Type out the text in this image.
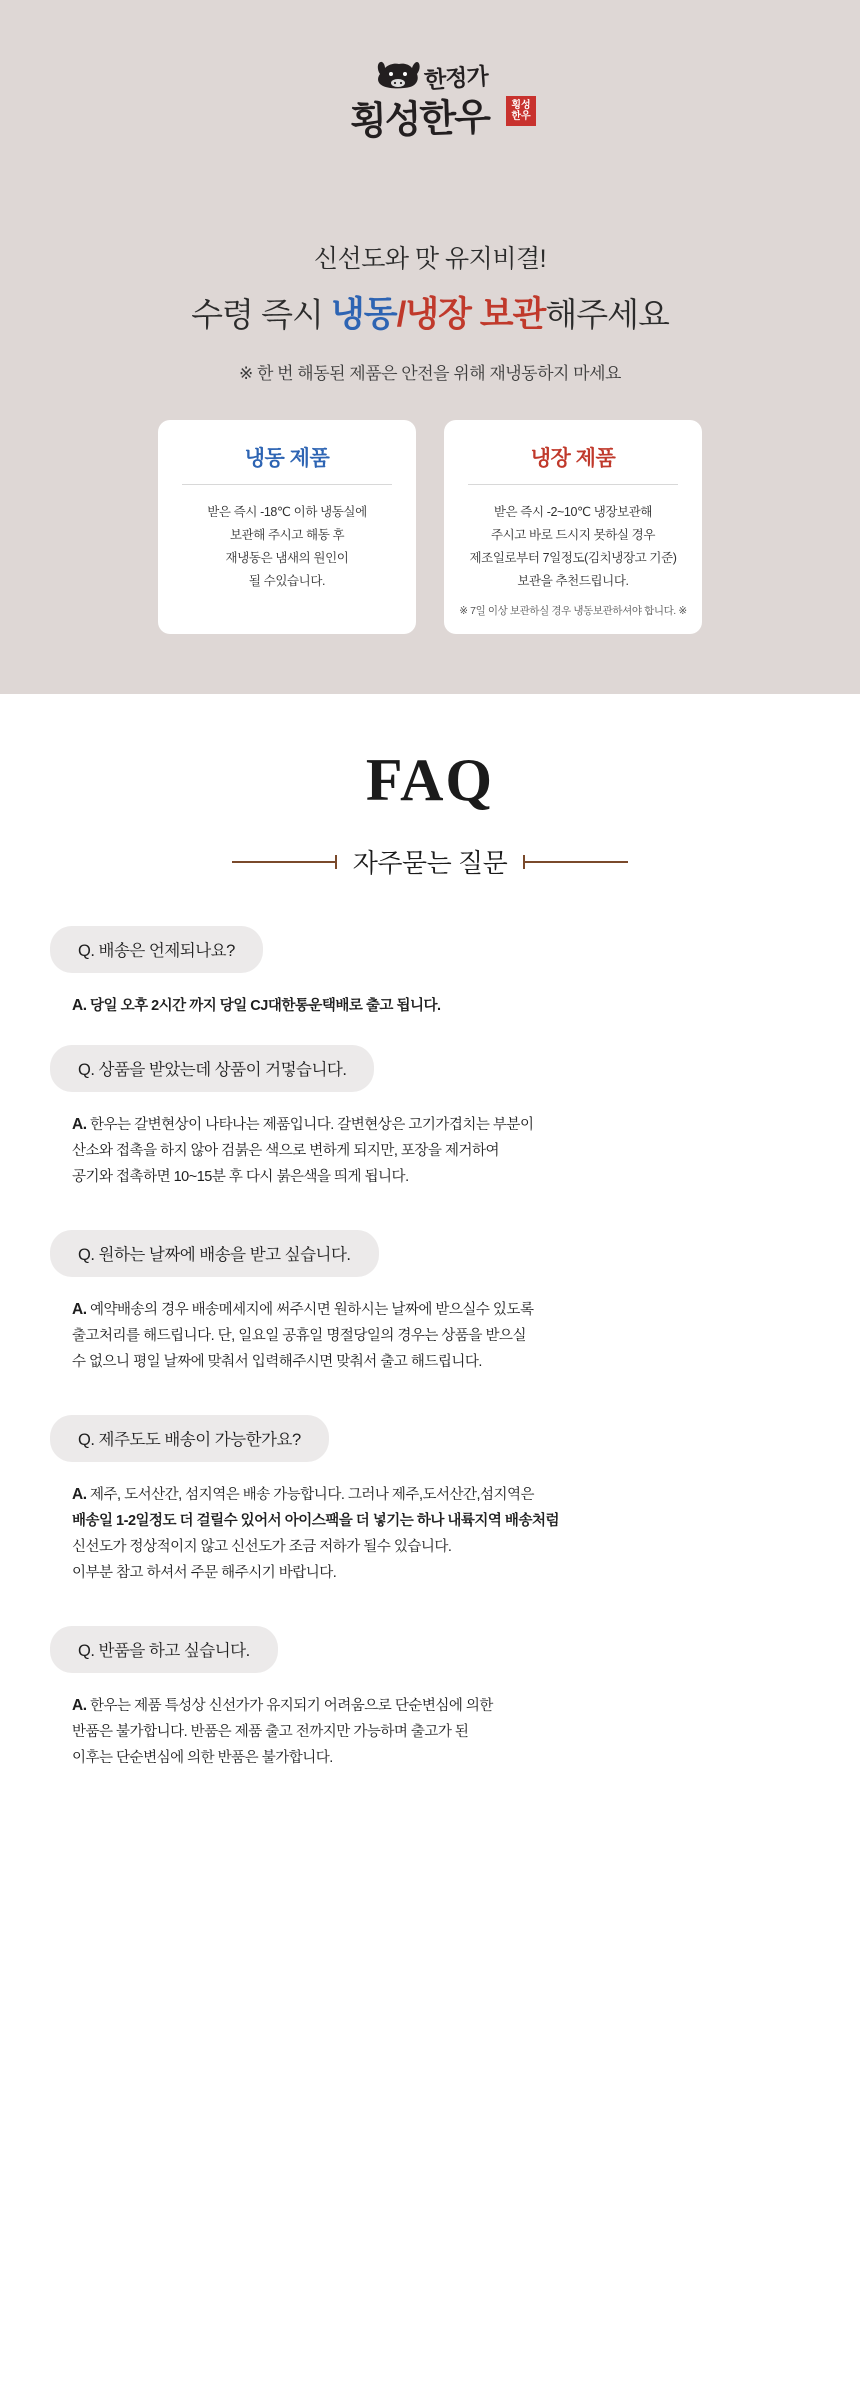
한정가
횡성한우	횡성한우
신선도와 맛 유지비결!
수령 즉시 냉동/냉장 보관해주세요
※ 한 번 해동된 제품은 안전을 위해 재냉동하지 마세요
냉동 제품

받은 즉시 -18℃ 이하 냉동실에

보관해 주시고 해동 후

재냉동은 냄새의 원인이

될 수있습니다.

냉장 제품

받은 즉시 -2~10℃ 냉장보관해

주시고 바로 드시지 못하실 경우

제조일로부터 7일정도(김치냉장고 기준)

보관을 추천드립니다.

※ 7일 이상 보관하실 경우 냉동보관하셔야 합니다. ※
FAQ
자주묻는 질문
Q. 배송은 언제되나요?
A. 당일 오후 2시간 까지 당일 CJ대한통운택배로 출고 됩니다.
Q. 상품을 받았는데 상품이 거멓습니다.
A. 한우는 갈변현상이 나타나는 제품입니다. 갈변현상은 고기가겹치는 부분이
산소와 접촉을 하지 않아 검붉은 색으로 변하게 되지만, 포장을 제거하여
공기와 접촉하면 10~15분 후 다시 붉은색을 띄게 됩니다.
Q. 원하는 날짜에 배송을 받고 싶습니다.
A. 예약배송의 경우 배송메세지에 써주시면 원하시는 날짜에 받으실수 있도록
출고처리를 해드립니다. 단, 일요일 공휴일 명절당일의 경우는 상품을 받으실
수 없으니 평일 날짜에 맞춰서 입력해주시면 맞춰서 출고 해드립니다.
Q. 제주도도 배송이 가능한가요?
A. 제주, 도서산간, 섬지역은 배송 가능합니다. 그러나 제주,도서산간,섬지역은
배송일 1-2일정도 더 걸릴수 있어서 아이스팩을 더 넣기는 하나 내륙지역 배송처럼
신선도가 정상적이지 않고 신선도가 조금 저하가 될수 있습니다.
이부분 참고 하셔서 주문 해주시기 바랍니다.
Q. 반품을 하고 싶습니다.
A. 한우는 제품 특성상 신선가가 유지되기 어려움으로 단순변심에 의한
반품은 불가합니다. 반품은 제품 출고 전까지만 가능하며 출고가 된
이후는 단순변심에 의한 반품은 불가합니다.
